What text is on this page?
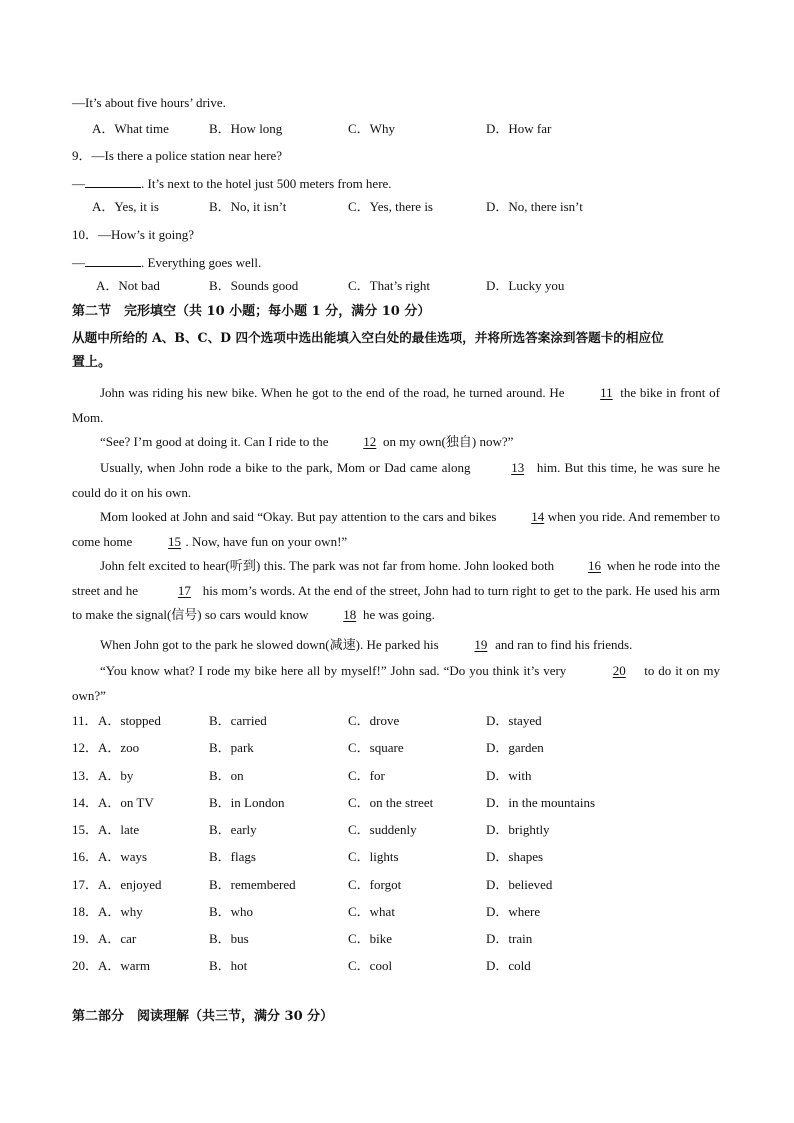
—It’s about five hours’ drive.
A．What time	B．How long	C．Why	D．How far
9．—Is there a police station near here?
—	. It’s next to the hotel just 500 meters from here.
A．Yes, it is	B．No, it isn’t	C．Yes, there is	D．No, there isn’t
10．—How’s it going?
—	. Everything goes well.
A．Not bad	B．Sounds good	C．That’s right	D．Lucky you
第二节　完形填空（共 10 小题；每小题 1 分，满分 10 分）
从题中所给的 A、B、C、D 四个选项中选出能填入空白处的最佳选项，并将所选答案涂到答题卡的相应位
置上。
John was riding his new bike. When he got to the end of the road, he turned around. He 11 the bike in front of Mom.
“See? I’m good at doing it. Can I ride to the 12 on my own(独自) now?”
Usually, when John rode a bike to the park, Mom or Dad came along	13 him. But this time, he was sure he could do it on his own.
Mom looked at John and said “Okay. But pay attention to the cars and bikes 14 when you ride. And remember to come home	15 . Now, have fun on your own!”
John felt excited to hear(听到) this. The park was not far from home. John looked both 16 when he rode into the street and he	17 his mom’s words. At the end of the street, John had to turn right to get to the park. He used his arm to make the signal(信号) so cars would know 18 he was going.
When John got to the park he slowed down(减速). He parked his	19 and ran to find his friends.
“You know what? I rode my bike here all by myself!” John sad. “Do you think it’s very	20 to do it on my own?”
11． A．stopped	B．carried	C．drove	D．stayed
12． A．zoo	B．park	C．square	D．garden
13． A．by	B．on	C．for	D．with
14． A．on TV	B．in London	C．on the street	D．in the mountains
15． A．late	B．early	C．suddenly	D．brightly
16． A．ways	B．flags	C．lights	D．shapes
17． A．enjoyed	B．remembered	C．forgot	D．believed
18． A．why	B．who	C．what	D．where
19． A．car	B．bus	C．bike	D．train
20． A．warm	B．hot	C．cool	D．cold
第二部分　阅读理解（共三节，满分 30 分）
